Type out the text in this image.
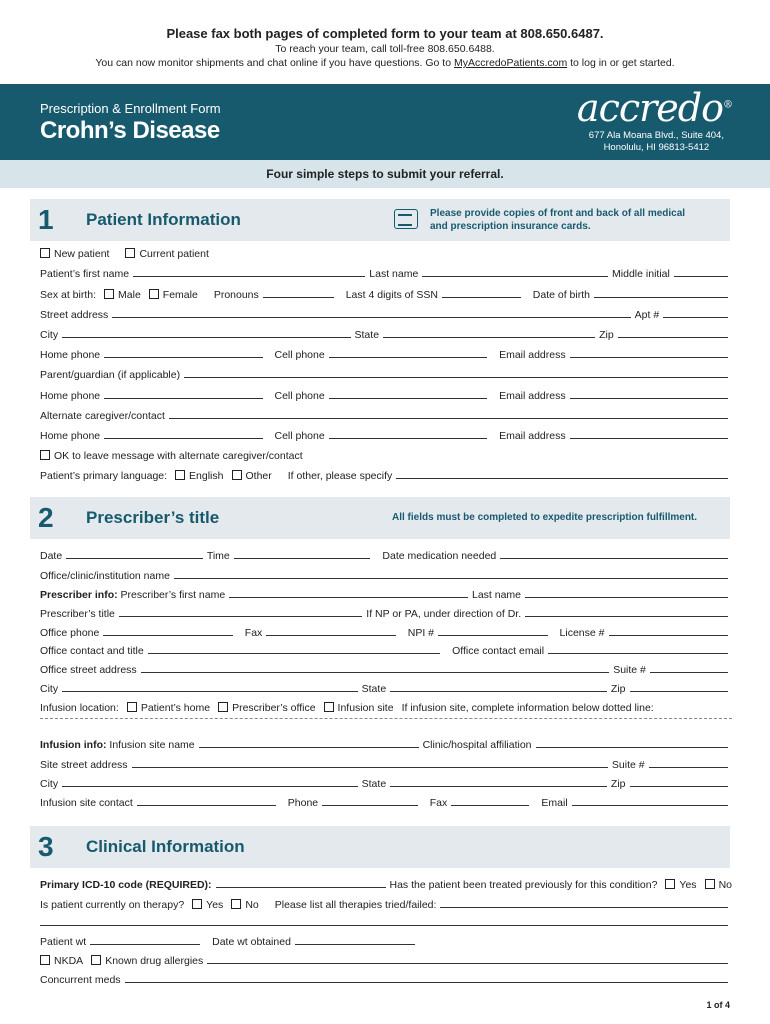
Please fax both pages of completed form to your team at 808.650.6487.
To reach your team, call toll-free 808.650.6488.
You can now monitor shipments and chat online if you have questions. Go to MyAccredoPatients.com to log in or get started.
Prescription & Enrollment Form
Crohn’s Disease
accredo®
677 Ala Moana Blvd., Suite 404,
Honolulu, HI 96813-5412
Four simple steps to submit your referral.
1 Patient Information	Please provide copies of front and back of all medical
and prescription insurance cards.
New patient	Current patient
Patient’s first name	Last name	Middle initial
Sex at birth: Male Female Pronouns	Last 4 digits of SSN	Date of birth
Street address	Apt #
City	State	Zip
Home phone	Cell phone	Email address
Parent/guardian (if applicable)
Home phone	Cell phone	Email address
Alternate caregiver/contact
Home phone	Cell phone	Email address
OK to leave message with alternate caregiver/contact
Patient’s primary language: English Other If other, please specify
2 Prescriber’s title	All fields must be completed to expedite prescription fulfillment.
Date	Time	Date medication needed
Office/clinic/institution name
Prescriber info:
Prescriber’s first name	Last name
Prescriber’s title	If NP or PA, under direction of Dr.
Office phone	Fax	NPI #	License #
Office contact and title	Office contact email
Office street address	Suite #
City	State	Zip
Infusion location: Patient’s home Prescriber’s office Infusion site If infusion site, complete information below dotted line:
Infusion info:
Infusion site name	Clinic/hospital affiliation
Site street address	Suite #
City	State	Zip
Infusion site contact	Phone	Fax	Email
3 Clinical Information
Primary ICD-10 code (REQUIRED):	Has the patient been treated previously for this condition? Yes No
Is patient currently on therapy? Yes No Please list all therapies tried/failed:
Patient wt	Date wt obtained
NKDA Known drug allergies
Concurrent meds
1 of 4
